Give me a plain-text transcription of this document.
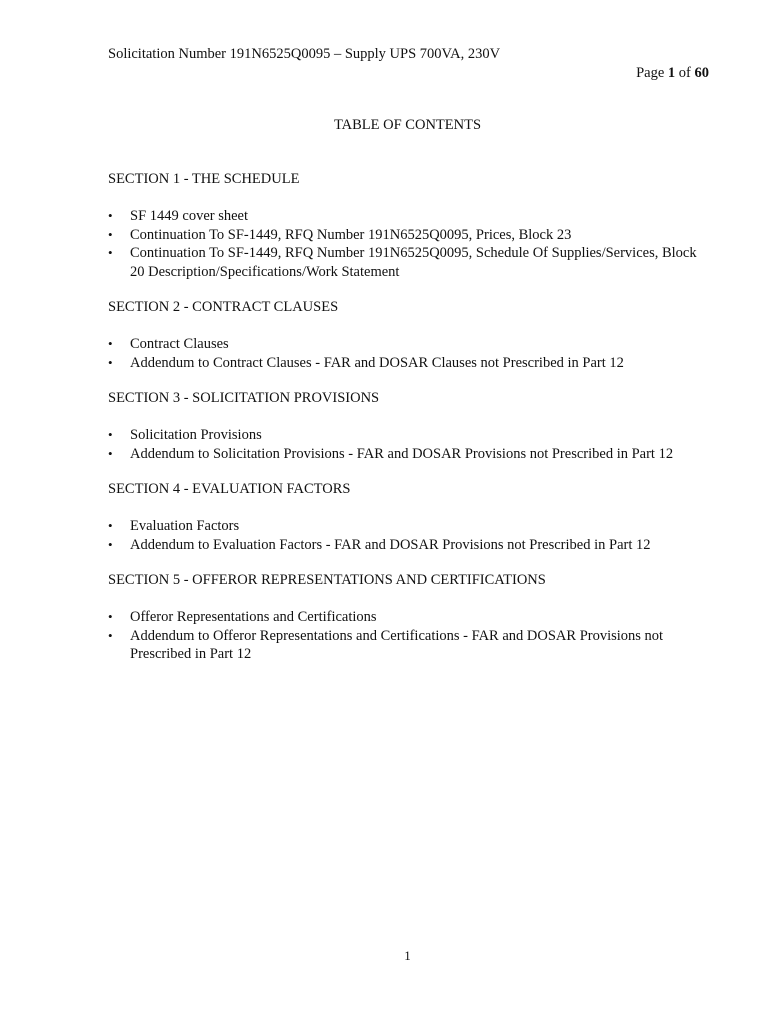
Solicitation Number 191N6525Q0095 – Supply UPS 700VA, 230V
Page 1 of 60
TABLE OF CONTENTS
SECTION 1 - THE SCHEDULE
• SF 1449 cover sheet
• Continuation To SF-1449, RFQ Number 191N6525Q0095, Prices, Block 23
• Continuation To SF-1449, RFQ Number 191N6525Q0095, Schedule Of Supplies/Services, Block 20 Description/Specifications/Work Statement
SECTION 2 - CONTRACT CLAUSES
• Contract Clauses
• Addendum to Contract Clauses - FAR and DOSAR Clauses not Prescribed in Part 12
SECTION 3 - SOLICITATION PROVISIONS
• Solicitation Provisions
• Addendum to Solicitation Provisions - FAR and DOSAR Provisions not Prescribed in Part 12
SECTION 4 - EVALUATION FACTORS
• Evaluation Factors
• Addendum to Evaluation Factors - FAR and DOSAR Provisions not Prescribed in Part 12
SECTION 5 - OFFEROR REPRESENTATIONS AND CERTIFICATIONS
• Offeror Representations and Certifications
• Addendum to Offeror Representations and Certifications - FAR and DOSAR Provisions not Prescribed in Part 12
1
